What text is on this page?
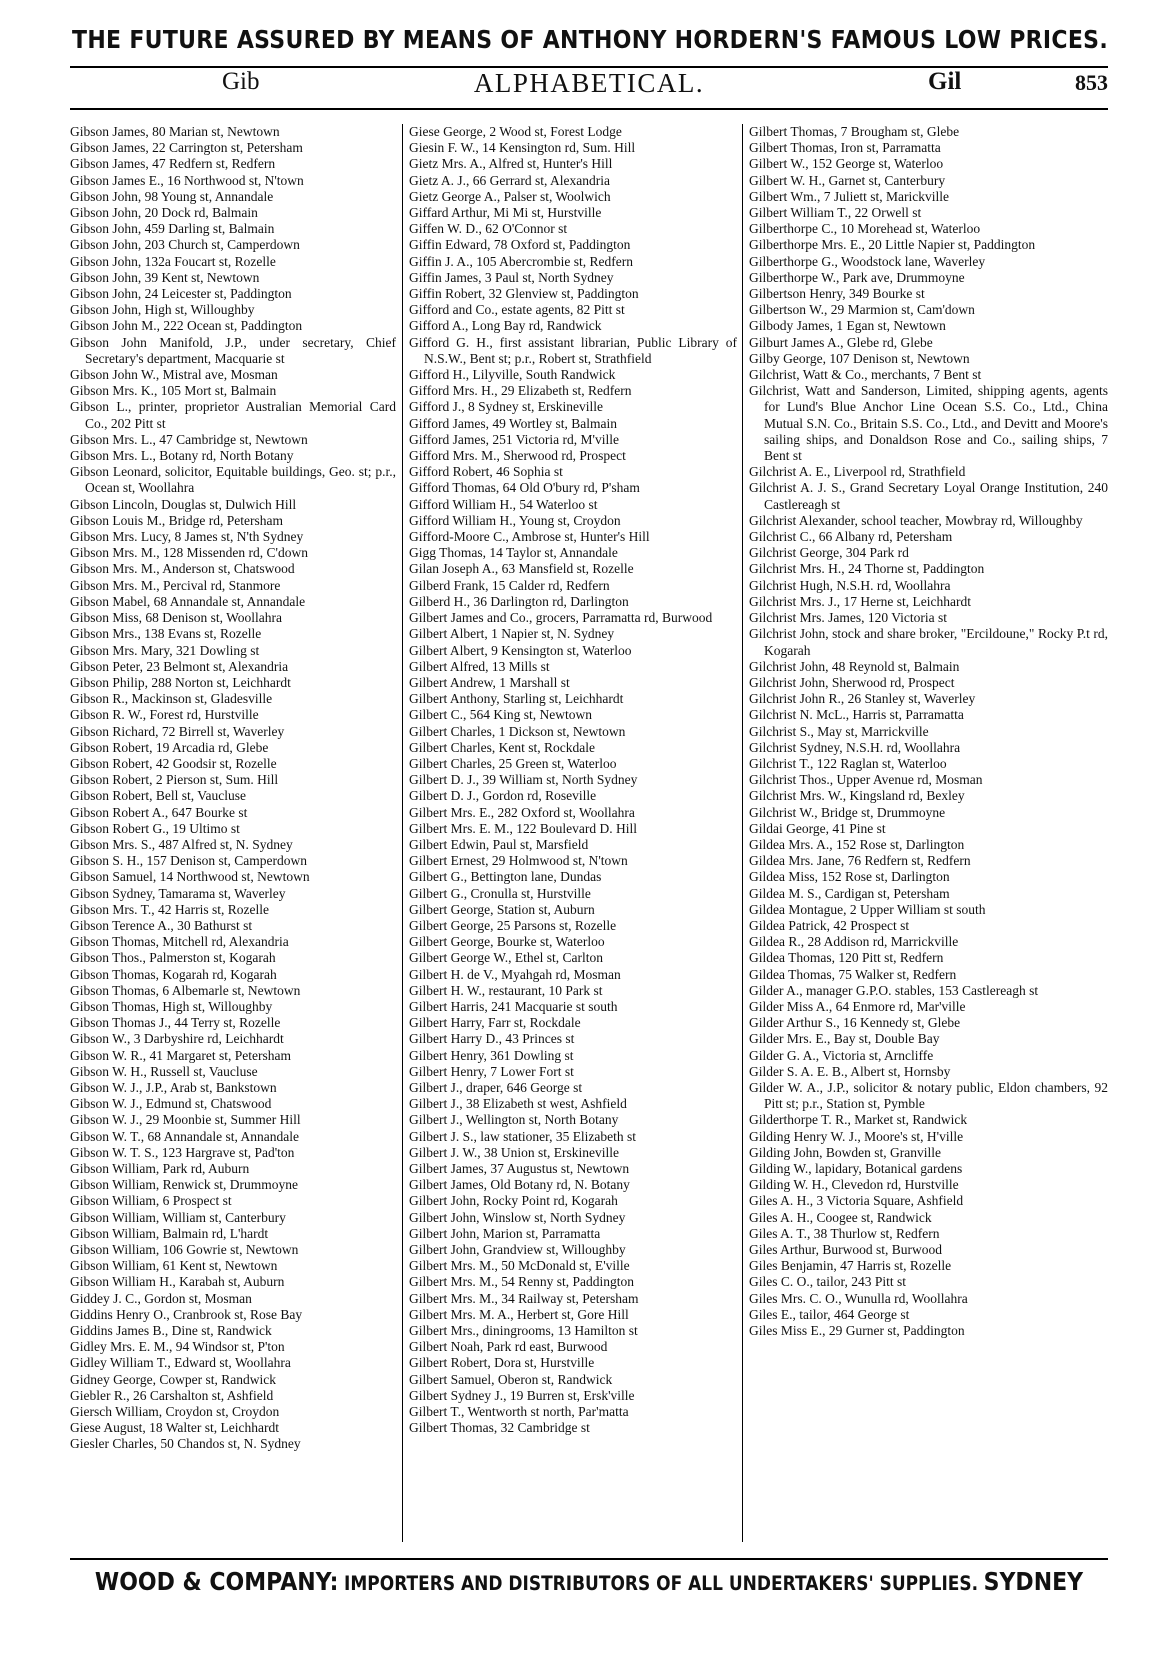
THE FUTURE ASSURED BY MEANS OF ANTHONY HORDERN'S FAMOUS LOW PRICES.
Gib	ALPHABETICAL.	Gil	853
Gibson James, 80 Marian st, Newtown
Gibson James, 22 Carrington st, Petersham
Gibson James, 47 Redfern st, Redfern
Gibson James E., 16 Northwood st, N'town
Gibson John, 98 Young st, Annandale
Gibson John, 20 Dock rd, Balmain
Gibson John, 459 Darling st, Balmain
Gibson John, 203 Church st, Camperdown
Gibson John, 132a Foucart st, Rozelle
Gibson John, 39 Kent st, Newtown
Gibson John, 24 Leicester st, Paddington
Gibson John, High st, Willoughby
Gibson John M., 222 Ocean st, Paddington
Gibson John Manifold, J.P., under secretary, Chief Secretary's department, Macquarie st
Gibson John W., Mistral ave, Mosman
Gibson Mrs. K., 105 Mort st, Balmain
Gibson L., printer, proprietor Australian Memorial Card Co., 202 Pitt st
Gibson Mrs. L., 47 Cambridge st, Newtown
Gibson Mrs. L., Botany rd, North Botany
Gibson Leonard, solicitor, Equitable buildings, Geo. st; p.r., Ocean st, Woollahra
Gibson Lincoln, Douglas st, Dulwich Hill
Gibson Louis M., Bridge rd, Petersham
Gibson Mrs. Lucy, 8 James st, N'th Sydney
Gibson Mrs. M., 128 Missenden rd, C'down
Gibson Mrs. M., Anderson st, Chatswood
Gibson Mrs. M., Percival rd, Stanmore
Gibson Mabel, 68 Annandale st, Annandale
Gibson Miss, 68 Denison st, Woollahra
Gibson Mrs., 138 Evans st, Rozelle
Gibson Mrs. Mary, 321 Dowling st
Gibson Peter, 23 Belmont st, Alexandria
Gibson Philip, 288 Norton st, Leichhardt
Gibson R., Mackinson st, Gladesville
Gibson R. W., Forest rd, Hurstville
Gibson Richard, 72 Birrell st, Waverley
Gibson Robert, 19 Arcadia rd, Glebe
Gibson Robert, 42 Goodsir st, Rozelle
Gibson Robert, 2 Pierson st, Sum. Hill
Gibson Robert, Bell st, Vaucluse
Gibson Robert A., 647 Bourke st
Gibson Robert G., 19 Ultimo st
Gibson Mrs. S., 487 Alfred st, N. Sydney
Gibson S. H., 157 Denison st, Camperdown
Gibson Samuel, 14 Northwood st, Newtown
Gibson Sydney, Tamarama st, Waverley
Gibson Mrs. T., 42 Harris st, Rozelle
Gibson Terence A., 30 Bathurst st
Gibson Thomas, Mitchell rd, Alexandria
Gibson Thos., Palmerston st, Kogarah
Gibson Thomas, Kogarah rd, Kogarah
Gibson Thomas, 6 Albemarle st, Newtown
Gibson Thomas, High st, Willoughby
Gibson Thomas J., 44 Terry st, Rozelle
Gibson W., 3 Darbyshire rd, Leichhardt
Gibson W. R., 41 Margaret st, Petersham
Gibson W. H., Russell st, Vaucluse
Gibson W. J., J.P., Arab st, Bankstown
Gibson W. J., Edmund st, Chatswood
Gibson W. J., 29 Moonbie st, Summer Hill
Gibson W. T., 68 Annandale st, Annandale
Gibson W. T. S., 123 Hargrave st, Pad'ton
Gibson William, Park rd, Auburn
Gibson William, Renwick st, Drummoyne
Gibson William, 6 Prospect st
Gibson William, William st, Canterbury
Gibson William, Balmain rd, L'hardt
Gibson William, 106 Gowrie st, Newtown
Gibson William, 61 Kent st, Newtown
Gibson William H., Karabah st, Auburn
Giddey J. C., Gordon st, Mosman
Giddins Henry O., Cranbrook st, Rose Bay
Giddins James B., Dine st, Randwick
Gidley Mrs. E. M., 94 Windsor st, P'ton
Gidley William T., Edward st, Woollahra
Gidney George, Cowper st, Randwick
Giebler R., 26 Carshalton st, Ashfield
Giersch William, Croydon st, Croydon
Giese August, 18 Walter st, Leichhardt
Giesler Charles, 50 Chandos st, N. Sydney
Giese George, 2 Wood st, Forest Lodge
Giesin F. W., 14 Kensington rd, Sum. Hill
Gietz Mrs. A., Alfred st, Hunter's Hill
Gietz A. J., 66 Gerrard st, Alexandria
Gietz George A., Palser st, Woolwich
Giffard Arthur, Mi Mi st, Hurstville
Giffen W. D., 62 O'Connor st
Giffin Edward, 78 Oxford st, Paddington
Giffin J. A., 105 Abercrombie st, Redfern
Giffin James, 3 Paul st, North Sydney
Giffin Robert, 32 Glenview st, Paddington
Gifford and Co., estate agents, 82 Pitt st
Gifford A., Long Bay rd, Randwick
Gifford G. H., first assistant librarian, Public Library of N.S.W., Bent st; p.r., Robert st, Strathfield
Gifford H., Lilyville, South Randwick
Gifford Mrs. H., 29 Elizabeth st, Redfern
Gifford J., 8 Sydney st, Erskineville
Gifford James, 49 Wortley st, Balmain
Gifford James, 251 Victoria rd, M'ville
Gifford Mrs. M., Sherwood rd, Prospect
Gifford Robert, 46 Sophia st
Gifford Thomas, 64 Old O'bury rd, P'sham
Gifford William H., 54 Waterloo st
Gifford William H., Young st, Croydon
Gifford-Moore C., Ambrose st, Hunter's Hill
Gigg Thomas, 14 Taylor st, Annandale
Gilan Joseph A., 63 Mansfield st, Rozelle
Gilberd Frank, 15 Calder rd, Redfern
Gilberd H., 36 Darlington rd, Darlington
Gilbert James and Co., grocers, Parramatta rd, Burwood
Gilbert Albert, 1 Napier st, N. Sydney
Gilbert Albert, 9 Kensington st, Waterloo
Gilbert Alfred, 13 Mills st
Gilbert Andrew, 1 Marshall st
Gilbert Anthony, Starling st, Leichhardt
Gilbert C., 564 King st, Newtown
Gilbert Charles, 1 Dickson st, Newtown
Gilbert Charles, Kent st, Rockdale
Gilbert Charles, 25 Green st, Waterloo
Gilbert D. J., 39 William st, North Sydney
Gilbert D. J., Gordon rd, Roseville
Gilbert Mrs. E., 282 Oxford st, Woollahra
Gilbert Mrs. E. M., 122 Boulevard D. Hill
Gilbert Edwin, Paul st, Marsfield
Gilbert Ernest, 29 Holmwood st, N'town
Gilbert G., Bettington lane, Dundas
Gilbert G., Cronulla st, Hurstville
Gilbert George, Station st, Auburn
Gilbert George, 25 Parsons st, Rozelle
Gilbert George, Bourke st, Waterloo
Gilbert George W., Ethel st, Carlton
Gilbert H. de V., Myahgah rd, Mosman
Gilbert H. W., restaurant, 10 Park st
Gilbert Harris, 241 Macquarie st south
Gilbert Harry, Farr st, Rockdale
Gilbert Harry D., 43 Princes st
Gilbert Henry, 361 Dowling st
Gilbert Henry, 7 Lower Fort st
Gilbert J., draper, 646 George st
Gilbert J., 38 Elizabeth st west, Ashfield
Gilbert J., Wellington st, North Botany
Gilbert J. S., law stationer, 35 Elizabeth st
Gilbert J. W., 38 Union st, Erskineville
Gilbert James, 37 Augustus st, Newtown
Gilbert James, Old Botany rd, N. Botany
Gilbert John, Rocky Point rd, Kogarah
Gilbert John, Winslow st, North Sydney
Gilbert John, Marion st, Parramatta
Gilbert John, Grandview st, Willoughby
Gilbert Mrs. M., 50 McDonald st, E'ville
Gilbert Mrs. M., 54 Renny st, Paddington
Gilbert Mrs. M., 34 Railway st, Petersham
Gilbert Mrs. M. A., Herbert st, Gore Hill
Gilbert Mrs., diningrooms, 13 Hamilton st
Gilbert Noah, Park rd east, Burwood
Gilbert Robert, Dora st, Hurstville
Gilbert Samuel, Oberon st, Randwick
Gilbert Sydney J., 19 Burren st, Ersk'ville
Gilbert T., Wentworth st north, Par'matta
Gilbert Thomas, 32 Cambridge st
Gilbert Thomas, 7 Brougham st, Glebe
Gilbert Thomas, Iron st, Parramatta
Gilbert W., 152 George st, Waterloo
Gilbert W. H., Garnet st, Canterbury
Gilbert Wm., 7 Juliett st, Marickville
Gilbert William T., 22 Orwell st
Gilberthorpe C., 10 Morehead st, Waterloo
Gilberthorpe Mrs. E., 20 Little Napier st, Paddington
Gilberthorpe G., Woodstock lane, Waverley
Gilberthorpe W., Park ave, Drummoyne
Gilbertson Henry, 349 Bourke st
Gilbertson W., 29 Marmion st, Cam'down
Gilbody James, 1 Egan st, Newtown
Gilburt James A., Glebe rd, Glebe
Gilby George, 107 Denison st, Newtown
Gilchrist, Watt & Co., merchants, 7 Bent st
Gilchrist, Watt and Sanderson, Limited, shipping agents, agents for Lund's Blue Anchor Line Ocean S.S. Co., Ltd., China Mutual S.N. Co., Britain S.S. Co., Ltd., and Devitt and Moore's sailing ships, and Donaldson Rose and Co., sailing ships, 7 Bent st
Gilchrist A. E., Liverpool rd, Strathfield
Gilchrist A. J. S., Grand Secretary Loyal Orange Institution, 240 Castlereagh st
Gilchrist Alexander, school teacher, Mowbray rd, Willoughby
Gilchrist C., 66 Albany rd, Petersham
Gilchrist George, 304 Park rd
Gilchrist Mrs. H., 24 Thorne st, Paddington
Gilchrist Hugh, N.S.H. rd, Woollahra
Gilchrist Mrs. J., 17 Herne st, Leichhardt
Gilchrist Mrs. James, 120 Victoria st
Gilchrist John, stock and share broker, "Ercildoune," Rocky P.t rd, Kogarah
Gilchrist John, 48 Reynold st, Balmain
Gilchrist John, Sherwood rd, Prospect
Gilchrist John R., 26 Stanley st, Waverley
Gilchrist N. McL., Harris st, Parramatta
Gilchrist S., May st, Marrickville
Gilchrist Sydney, N.S.H. rd, Woollahra
Gilchrist T., 122 Raglan st, Waterloo
Gilchrist Thos., Upper Avenue rd, Mosman
Gilchrist Mrs. W., Kingsland rd, Bexley
Gilchrist W., Bridge st, Drummoyne
Gildai George, 41 Pine st
Gildea Mrs. A., 152 Rose st, Darlington
Gildea Mrs. Jane, 76 Redfern st, Redfern
Gildea Miss, 152 Rose st, Darlington
Gildea M. S., Cardigan st, Petersham
Gildea Montague, 2 Upper William st south
Gildea Patrick, 42 Prospect st
Gildea R., 28 Addison rd, Marrickville
Gildea Thomas, 120 Pitt st, Redfern
Gildea Thomas, 75 Walker st, Redfern
Gilder A., manager G.P.O. stables, 153 Castlereagh st
Gilder Miss A., 64 Enmore rd, Mar'ville
Gilder Arthur S., 16 Kennedy st, Glebe
Gilder Mrs. E., Bay st, Double Bay
Gilder G. A., Victoria st, Arncliffe
Gilder S. A. E. B., Albert st, Hornsby
Gilder W. A., J.P., solicitor & notary public, Eldon chambers, 92 Pitt st; p.r., Station st, Pymble
Gilderthorpe T. R., Market st, Randwick
Gilding Henry W. J., Moore's st, H'ville
Gilding John, Bowden st, Granville
Gilding W., lapidary, Botanical gardens
Gilding W. H., Clevedon rd, Hurstville
Giles A. H., 3 Victoria Square, Ashfield
Giles A. H., Coogee st, Randwick
Giles A. T., 38 Thurlow st, Redfern
Giles Arthur, Burwood st, Burwood
Giles Benjamin, 47 Harris st, Rozelle
Giles C. O., tailor, 243 Pitt st
Giles Mrs. C. O., Wunulla rd, Woollahra
Giles E., tailor, 464 George st
Giles Miss E., 29 Gurner st, Paddington
WOOD & COMPANY: IMPORTERS AND DISTRIBUTORS OF ALL UNDERTAKERS' SUPPLIES. SYDNEY
